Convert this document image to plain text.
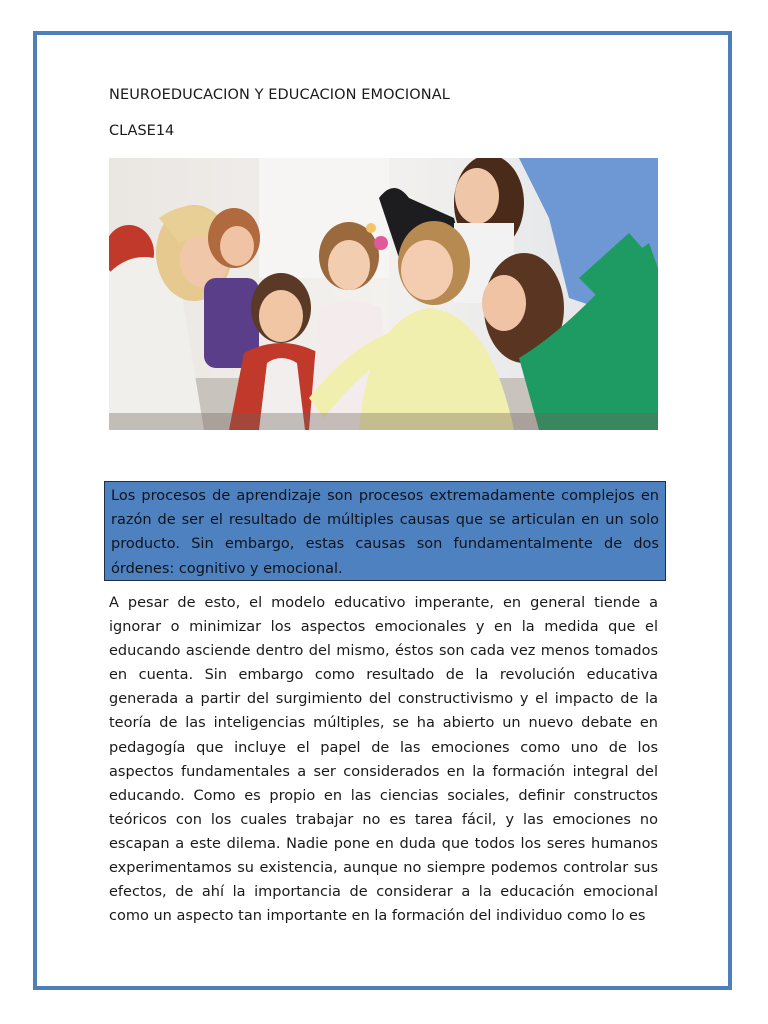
NEUROEDUCACION Y EDUCACION EMOCIONAL
CLASE14

Los procesos de aprendizaje son procesos extremadamente complejos en razón de ser el resultado de múltiples causas que se articulan en un solo producto. Sin embargo, estas causas son fundamentalmente de dos órdenes: cognitivo y emocional.

A pesar de esto, el modelo educativo imperante, en general tiende a ignorar o minimizar los aspectos emocionales y en la medida que el educando asciende dentro del mismo, éstos son cada vez menos tomados en cuenta. Sin embargo como resultado de la revolución educativa generada a partir del surgimiento del constructivismo y el impacto de la teoría de las inteligencias múltiples, se ha abierto un nuevo debate en pedagogía que incluye el papel de las emociones como uno de los aspectos fundamentales a ser considerados en la formación integral del educando. Como es propio en las ciencias sociales, definir constructos teóricos con los cuales trabajar no es tarea fácil, y las emociones no escapan a este dilema. Nadie pone en duda que todos los seres humanos experimentamos su existencia, aunque no siempre podemos controlar sus efectos, de ahí la importancia de considerar a la educación emocional como un aspecto tan importante en la formación del individuo como lo es
